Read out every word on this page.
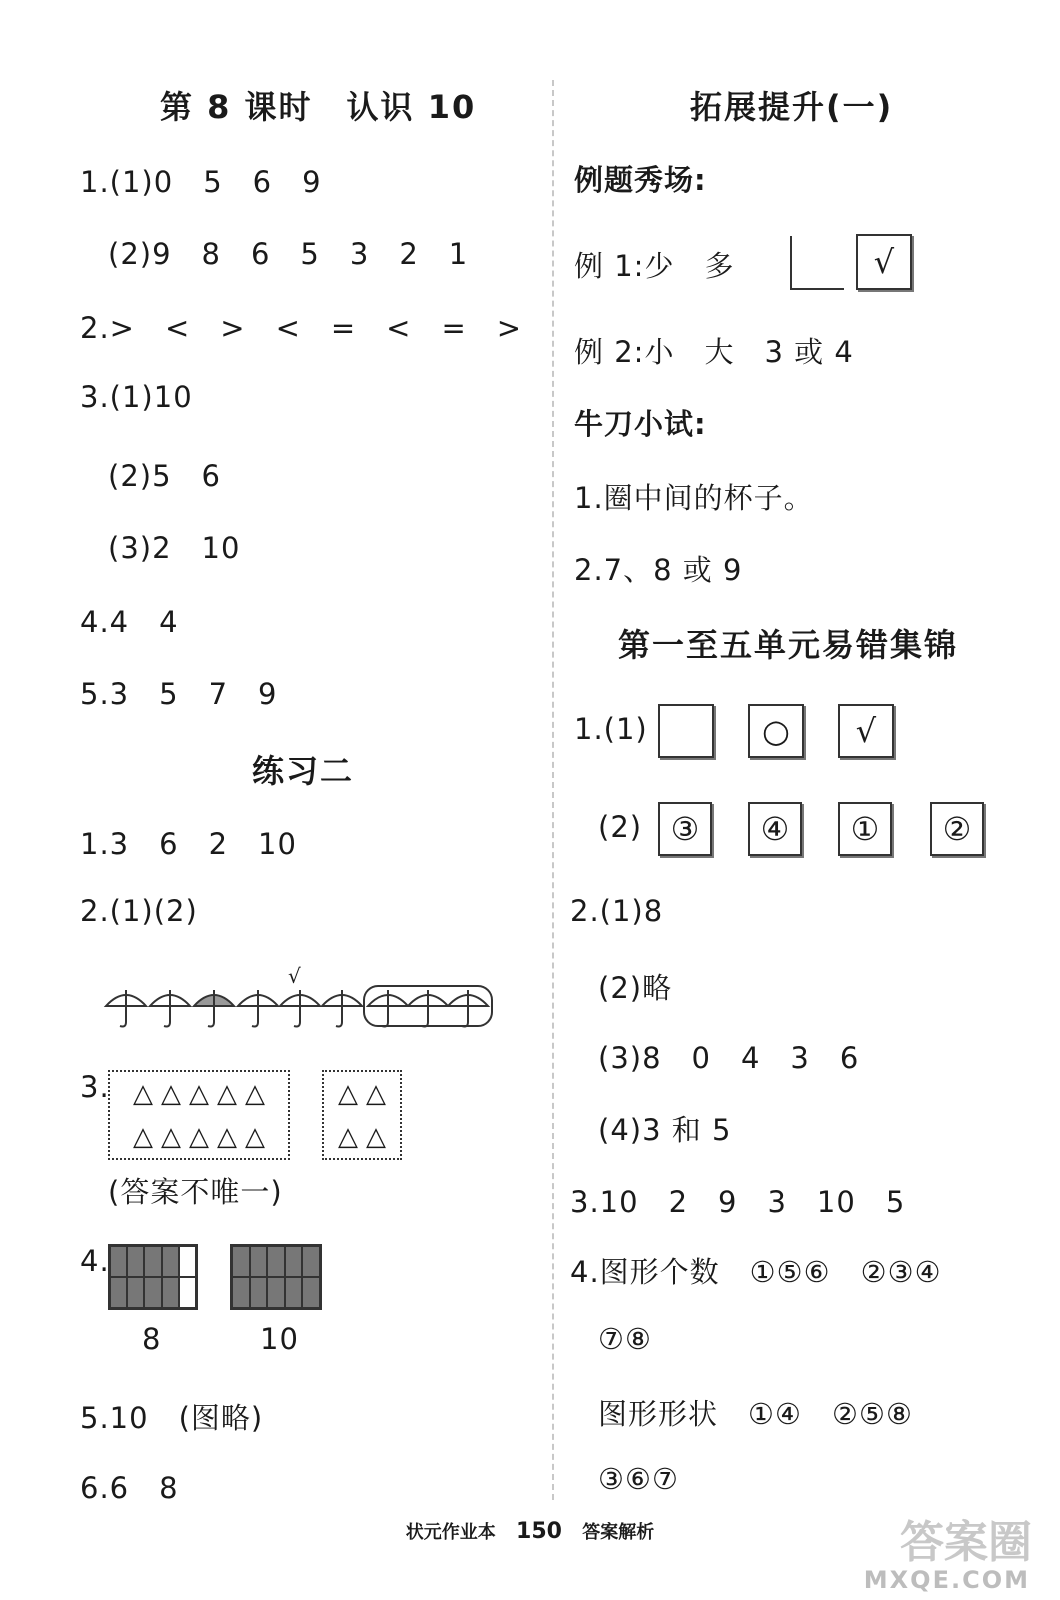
第 8 课时　认识 10
1.(1)0　5　6　9
(2)9　8　6　5　3　2　1
2.>　<　>　<　=　<　=　>
3.(1)10
(2)5　6
(3)2　10
4.4　4
5.3　5　7　9
练习二
1.3　6　2　10
2.(1)(2)
√
3. △ △ △ △ △
△ △ △ △ △
△ △
△ △
(答案不唯一)
4.
8	10
5.10　(图略)
6.6　8
拓展提升(一)
例题秀场:
例 1:少　多	√
例 2:小　大　3 或 4
牛刀小试:
1.圈中间的杯子。
2.7、8 或 9
第一至五单元易错集锦
1.(1)	○	√
(2) ③	④	①	②
2.(1)8
(2)略
(3)8　0　4　3　6
(4)3 和 5
3.10　2　9　3　10　5
4.图形个数　①⑤⑥　②③④
⑦⑧
图形形状　①④　②⑤⑧
③⑥⑦
状元作业本 150 答案解析	答案圈
MXQE.COM
